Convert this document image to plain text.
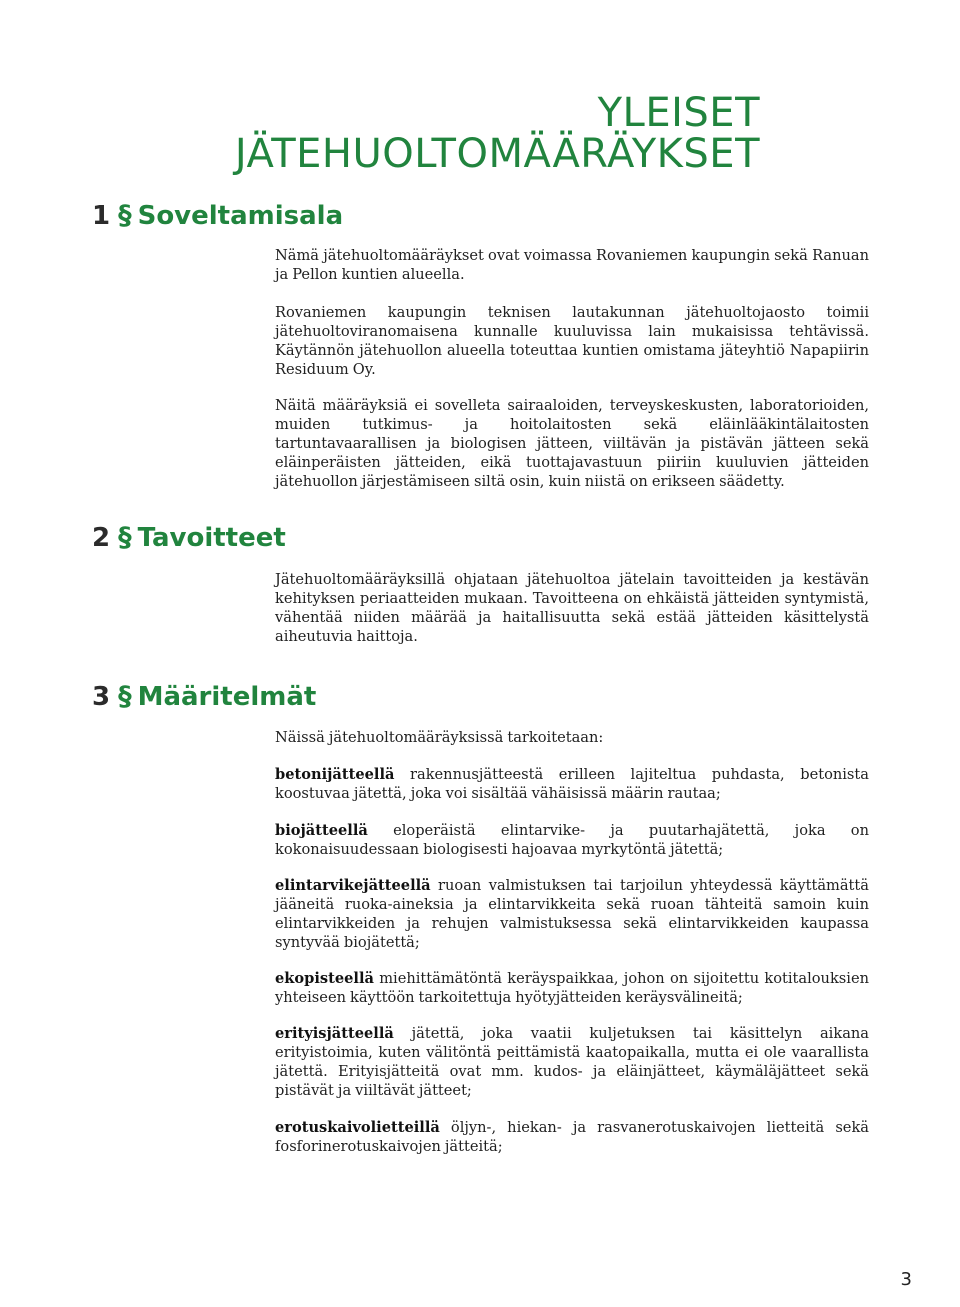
YLEISET
JÄTEHUOLTOMÄÄRÄYKSET
1 § Soveltamisala

Nämä jätehuoltomääräykset ovat voimassa Rovaniemen kaupungin sekä Ranuan ja Pellon kuntien alueella.

Rovaniemen kaupungin teknisen lautakunnan jätehuoltojaosto toimii jätehuoltoviranomaisena kunnalle kuuluvissa lain mukaisissa tehtävissä. Käytännön jätehuollon alueella toteuttaa kuntien omistama jäteyhtiö Napapiirin Residuum Oy.

Näitä määräyksiä ei sovelleta sairaaloiden, terveyskeskusten, laboratorioiden, muiden tutkimus- ja hoitolaitosten sekä eläinlääkintälaitosten tartuntavaarallisen ja biologisen jätteen, viiltävän ja pistävän jätteen sekä eläinperäisten jätteiden, eikä tuottajavastuun piiriin kuuluvien jätteiden jätehuollon järjestämiseen siltä osin, kuin niistä on erikseen säädetty.

2 § Tavoitteet

Jätehuoltomääräyksillä ohjataan jätehuoltoa jätelain tavoitteiden ja kestävän kehityksen periaatteiden mukaan. Tavoitteena on ehkäistä jätteiden syntymistä, vähentää niiden määrää ja haitallisuutta sekä estää jätteiden käsittelystä aiheutuvia haittoja.

3 § Määritelmät

Näissä jätehuoltomääräyksissä tarkoitetaan:

betonijätteellä rakennusjätteestä erilleen lajiteltua puhdasta, betonista koostuvaa jätettä, joka voi sisältää vähäisissä määrin rautaa;

biojätteellä eloperäistä elintarvike- ja puutarhajätettä, joka on kokonaisuudessaan biologisesti hajoavaa myrkytöntä jätettä;

elintarvikejätteellä ruoan valmistuksen tai tarjoilun yhteydessä käyttämättä jääneitä ruoka-aineksia ja elintarvikkeita sekä ruoan tähteitä samoin kuin elintarvikkeiden ja rehujen valmistuksessa sekä elintarvikkeiden kaupassa syntyvää biojätettä;

ekopisteellä miehittämätöntä keräyspaikkaa, johon on sijoitettu kotitalouksien yhteiseen käyttöön tarkoitettuja hyötyjätteiden keräysvälineitä;

erityisjätteellä jätettä, joka vaatii kuljetuksen tai käsittelyn aikana erityistoimia, kuten välitöntä peittämistä kaatopaikalla, mutta ei ole vaarallista jätettä. Erityisjätteitä ovat mm. kudos- ja eläinjätteet, käymäläjätteet sekä pistävät ja viiltävät jätteet;

erotuskaivolietteillä öljyn-, hiekan- ja rasvanerotuskaivojen lietteitä sekä fosforinerotuskaivojen jätteitä;

3
